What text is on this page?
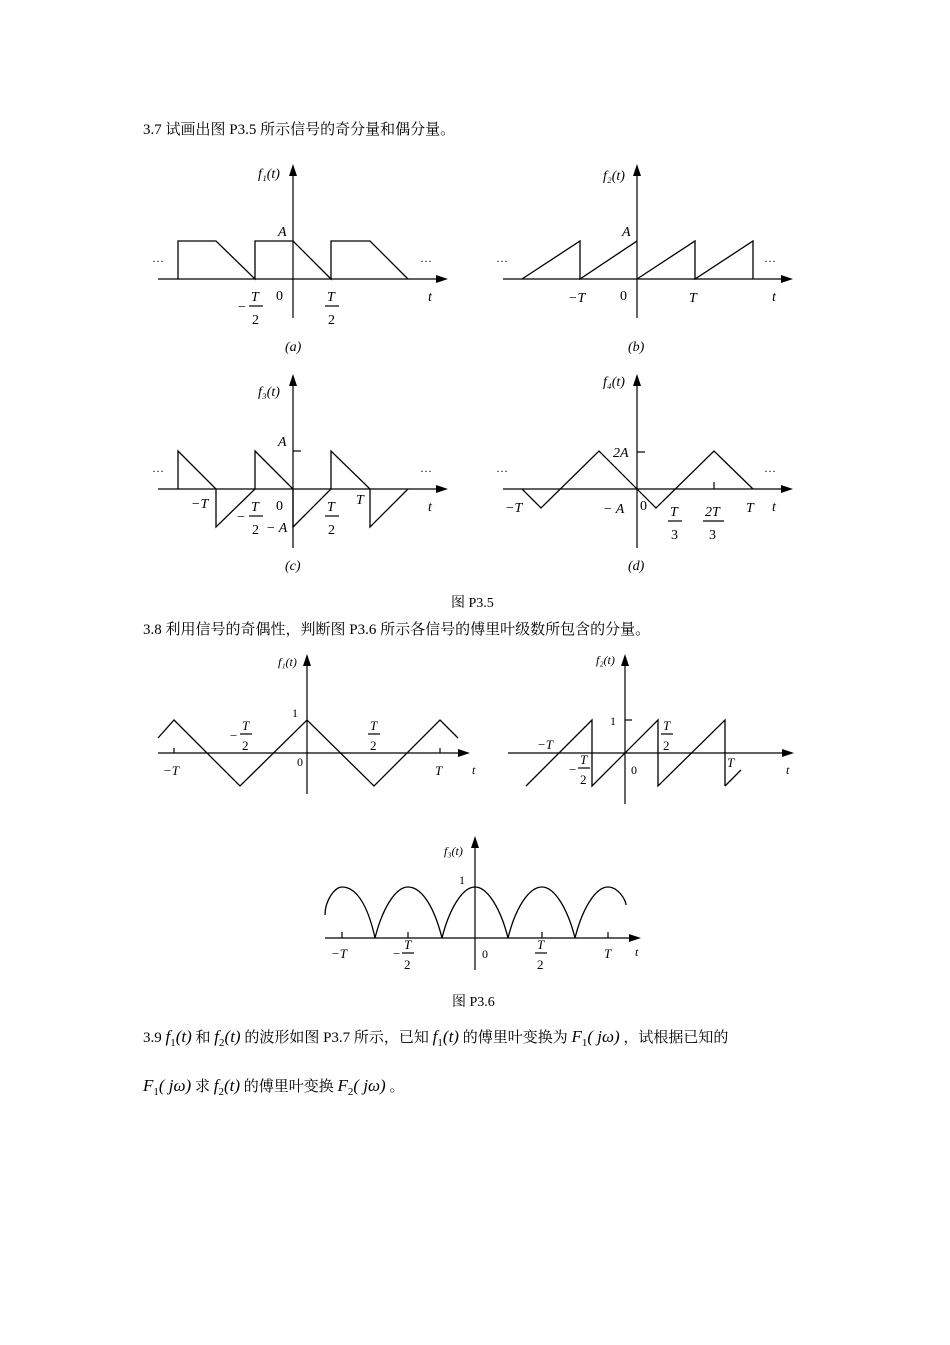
3.7 试画出图 P3.5 所示信号的奇分量和偶分量。
f₁(t)
A
…	…
0	t
−
T
2
T
2
(a)
f₂(t)
A
…	…
−T 0	T	t
(b)
f₃(t)
A
…	…
−T
−
T
2
0
− A
T
2
T	t
(c)
f₄(t)
2A
…	…
−T	− A 0 T
3
2T
3
T t
(d)
图 P3.5
3.8 利用信号的奇偶性，判断图 P3.6 所示各信号的傅里叶级数所包含的分量。
f₁(t)
1
−
T
2
T
2
0
−T	T t
f₂(t)
1
−T
−
T
2
0
T
2
T	t
f₃(t)
1
−T	−
T
2
0
T
2
T t
图 P3.6
3.9 $f_1(t)$ 和 $f_2(t)$ 的波形如图 P3.7 所示，已知 $f_1(t)$ 的傅里叶变换为 $F_1$( jω) ，试根据已知的
$F_1$( jω) 求 $f_2(t)$ 的傅里叶变换 $F_2$( jω) 。
